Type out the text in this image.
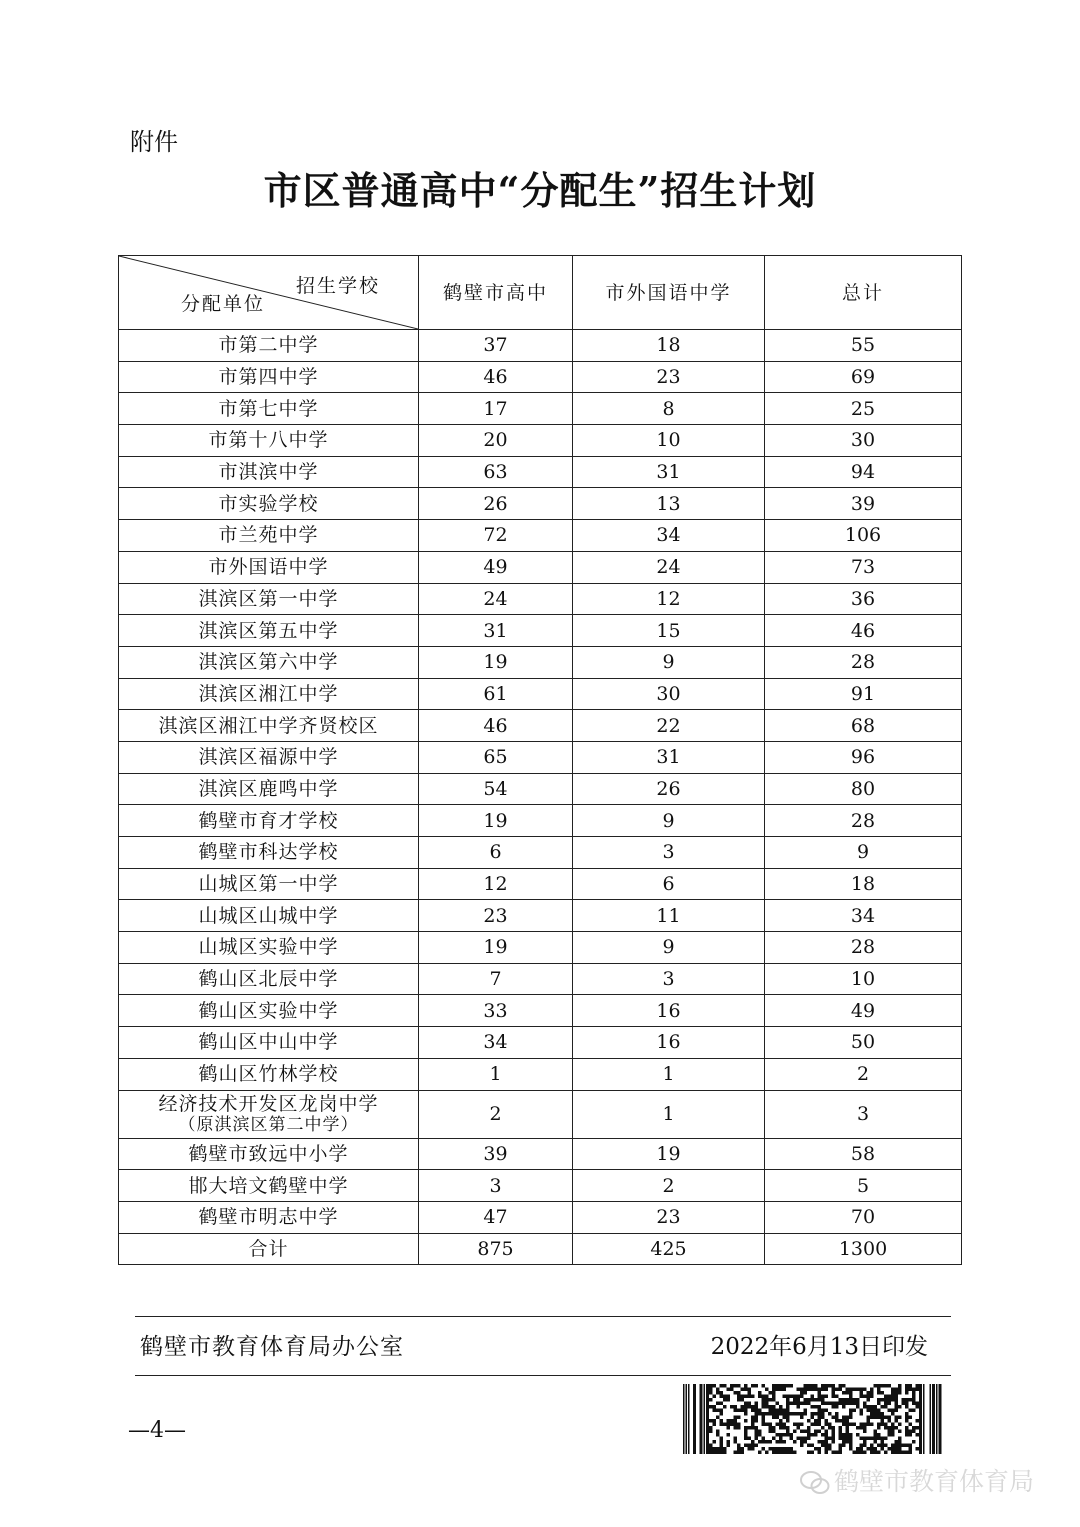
附件
市区普通高中“分配生”招生计划
招生学校
分配单位	鹤壁市高中	市外国语中学	总计
市第二中学	37	18	55
市第四中学	46	23	69
市第七中学	17	8	25
市第十八中学	20	10	30
市淇滨中学	63	31	94
市实验学校	26	13	39
市兰苑中学	72	34	106
市外国语中学	49	24	73
淇滨区第一中学	24	12	36
淇滨区第五中学	31	15	46
淇滨区第六中学	19	9	28
淇滨区湘江中学	61	30	91
淇滨区湘江中学齐贤校区	46	22	68
淇滨区福源中学	65	31	96
淇滨区鹿鸣中学	54	26	80
鹤壁市育才学校	19	9	28
鹤壁市科达学校	6	3	9
山城区第一中学	12	6	18
山城区山城中学	23	11	34
山城区实验中学	19	9	28
鹤山区北辰中学	7	3	10
鹤山区实验中学	33	16	49
鹤山区中山中学	34	16	50
鹤山区竹林学校	1	1	2
经济技术开发区龙岗中学
（原淇滨区第二中学）	2	1	3
鹤壁市致远中小学	39	19	58
邯大培文鹤壁中学	3	2	5
鹤壁市明志中学	47	23	70
合计	875	425	1300
鹤壁市教育体育局办公室	2022年6月13日印发
—4—
鹤壁市教育体育局
